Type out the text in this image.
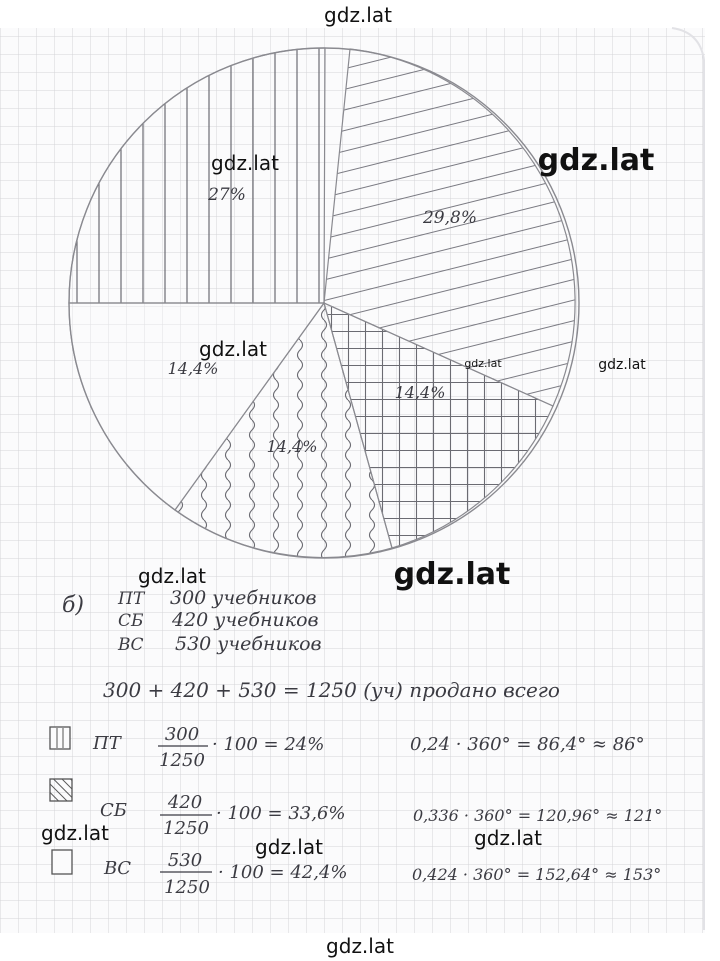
gdz.lat
gdz.lat
29,8%
14,4%
14,4%
14,4%
27%
gdz.lat	gdz.lat
gdz.lat
gdz.lat	gdz.lat
gdz.lat
gdz.lat
б) ПТ 300 учебников
СБ 420 учебников
ВС 530 учебников
300 + 420 + 530 = 1250 (уч) продано всего
ПТ 300
1250
· 100 = 24%	0,24 · 360° = 86,4° ≈ 86°
СБ 420
1250
· 100 = 33,6%	0,336 · 360° = 120,96° ≈ 121°
ВС 530
1250
· 100 = 42,4%	0,424 · 360° = 152,64° ≈ 153°
gdz.lat
gdz.lat	gdz.lat
